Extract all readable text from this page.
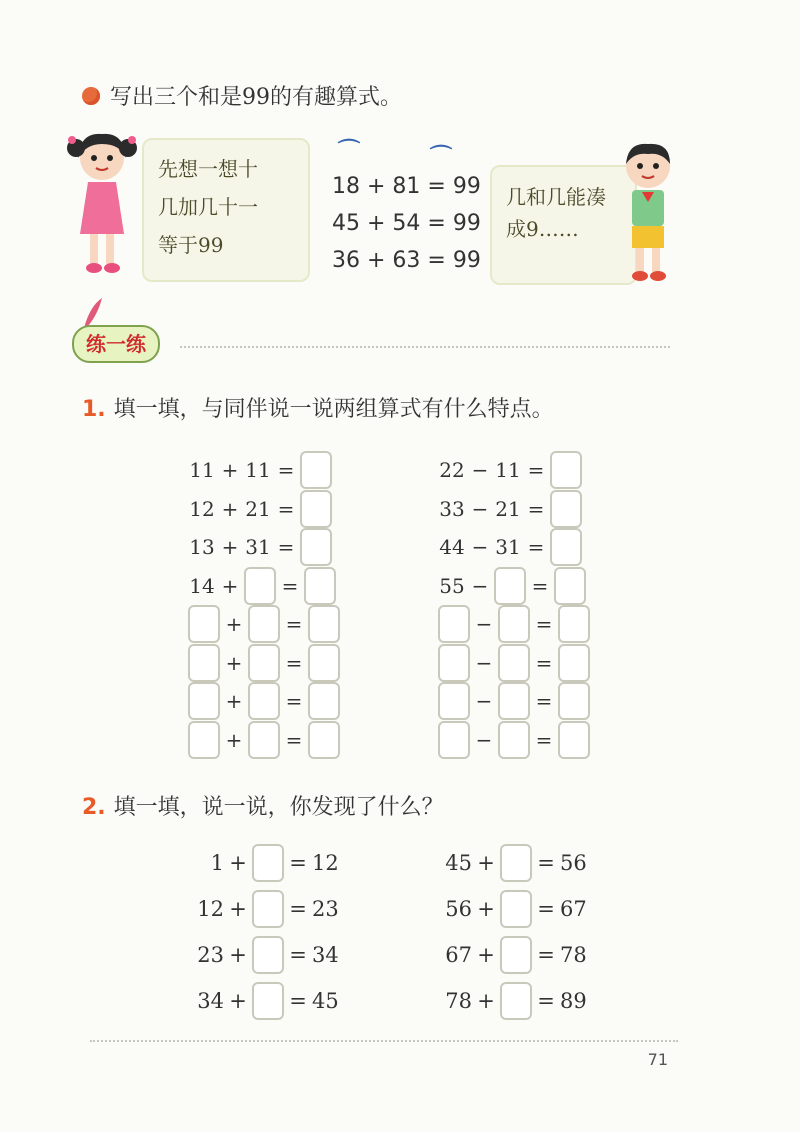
写出三个和是99的有趣算式。
先想一想十
几加几十一
等于99
⌒	⌒
18 + 81 = 99
45 + 54 = 99
36 + 63 = 99
几和几能凑
成9……
练一练
1. 填一填，与同伴说一说两组算式有什么特点。
11 + 11 =
12 + 21 =
13 + 31 =
14 + =
+ =
+ =
+ =
+ =
22 − 11 =
33 − 21 =
44 − 31 =
55 − =
− =
− =
− =
− =
2. 填一填，说一说，你发现了什么？
1 + = 12
12 + = 23
23 + = 34
34 + = 45
45 + = 56
56 + = 67
67 + = 78
78 + = 89
71
